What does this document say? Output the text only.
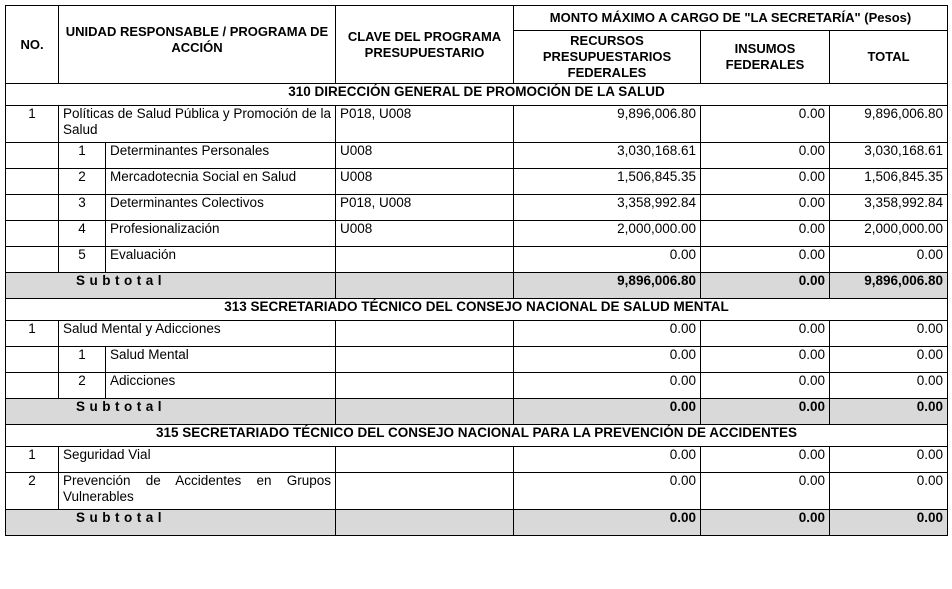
NO.	UNIDAD RESPONSABLE / PROGRAMA DE ACCIÓN		CLAVE DEL PROGRAMA PRESUPUESTARIO	MONTO MÁXIMO A CARGO DE "LA SECRETARÍA" (Pesos)		
				RECURSOS PRESUPUESTARIOS FEDERALES	INSUMOS FEDERALES	TOTAL
310 DIRECCIÓN GENERAL DE PROMOCIÓN DE LA SALUD						
1	Políticas de Salud Pública y Promoción de la Salud		P018, U008	9,896,006.80	0.00	9,896,006.80
	1	Determinantes Personales	U008	3,030,168.61	0.00	3,030,168.61
	2	Mercadotecnia Social en Salud	U008	1,506,845.35	0.00	1,506,845.35
	3	Determinantes Colectivos	P018, U008	3,358,992.84	0.00	3,358,992.84
	4	Profesionalización	U008	2,000,000.00	0.00	2,000,000.00
	5	Evaluación		0.00	0.00	0.00
Subtotal				9,896,006.80	0.00	9,896,006.80
313 SECRETARIADO TÉCNICO DEL CONSEJO NACIONAL DE SALUD MENTAL						
1	Salud Mental y Adicciones			0.00	0.00	0.00
	1	Salud Mental		0.00	0.00	0.00
	2	Adicciones		0.00	0.00	0.00
Subtotal				0.00	0.00	0.00
315 SECRETARIADO TÉCNICO DEL CONSEJO NACIONAL PARA LA PREVENCIÓN DE ACCIDENTES						
1	Seguridad Vial			0.00	0.00	0.00
2	Prevención de Accidentes en Grupos Vulnerables			0.00	0.00	0.00
Subtotal				0.00	0.00	0.00
